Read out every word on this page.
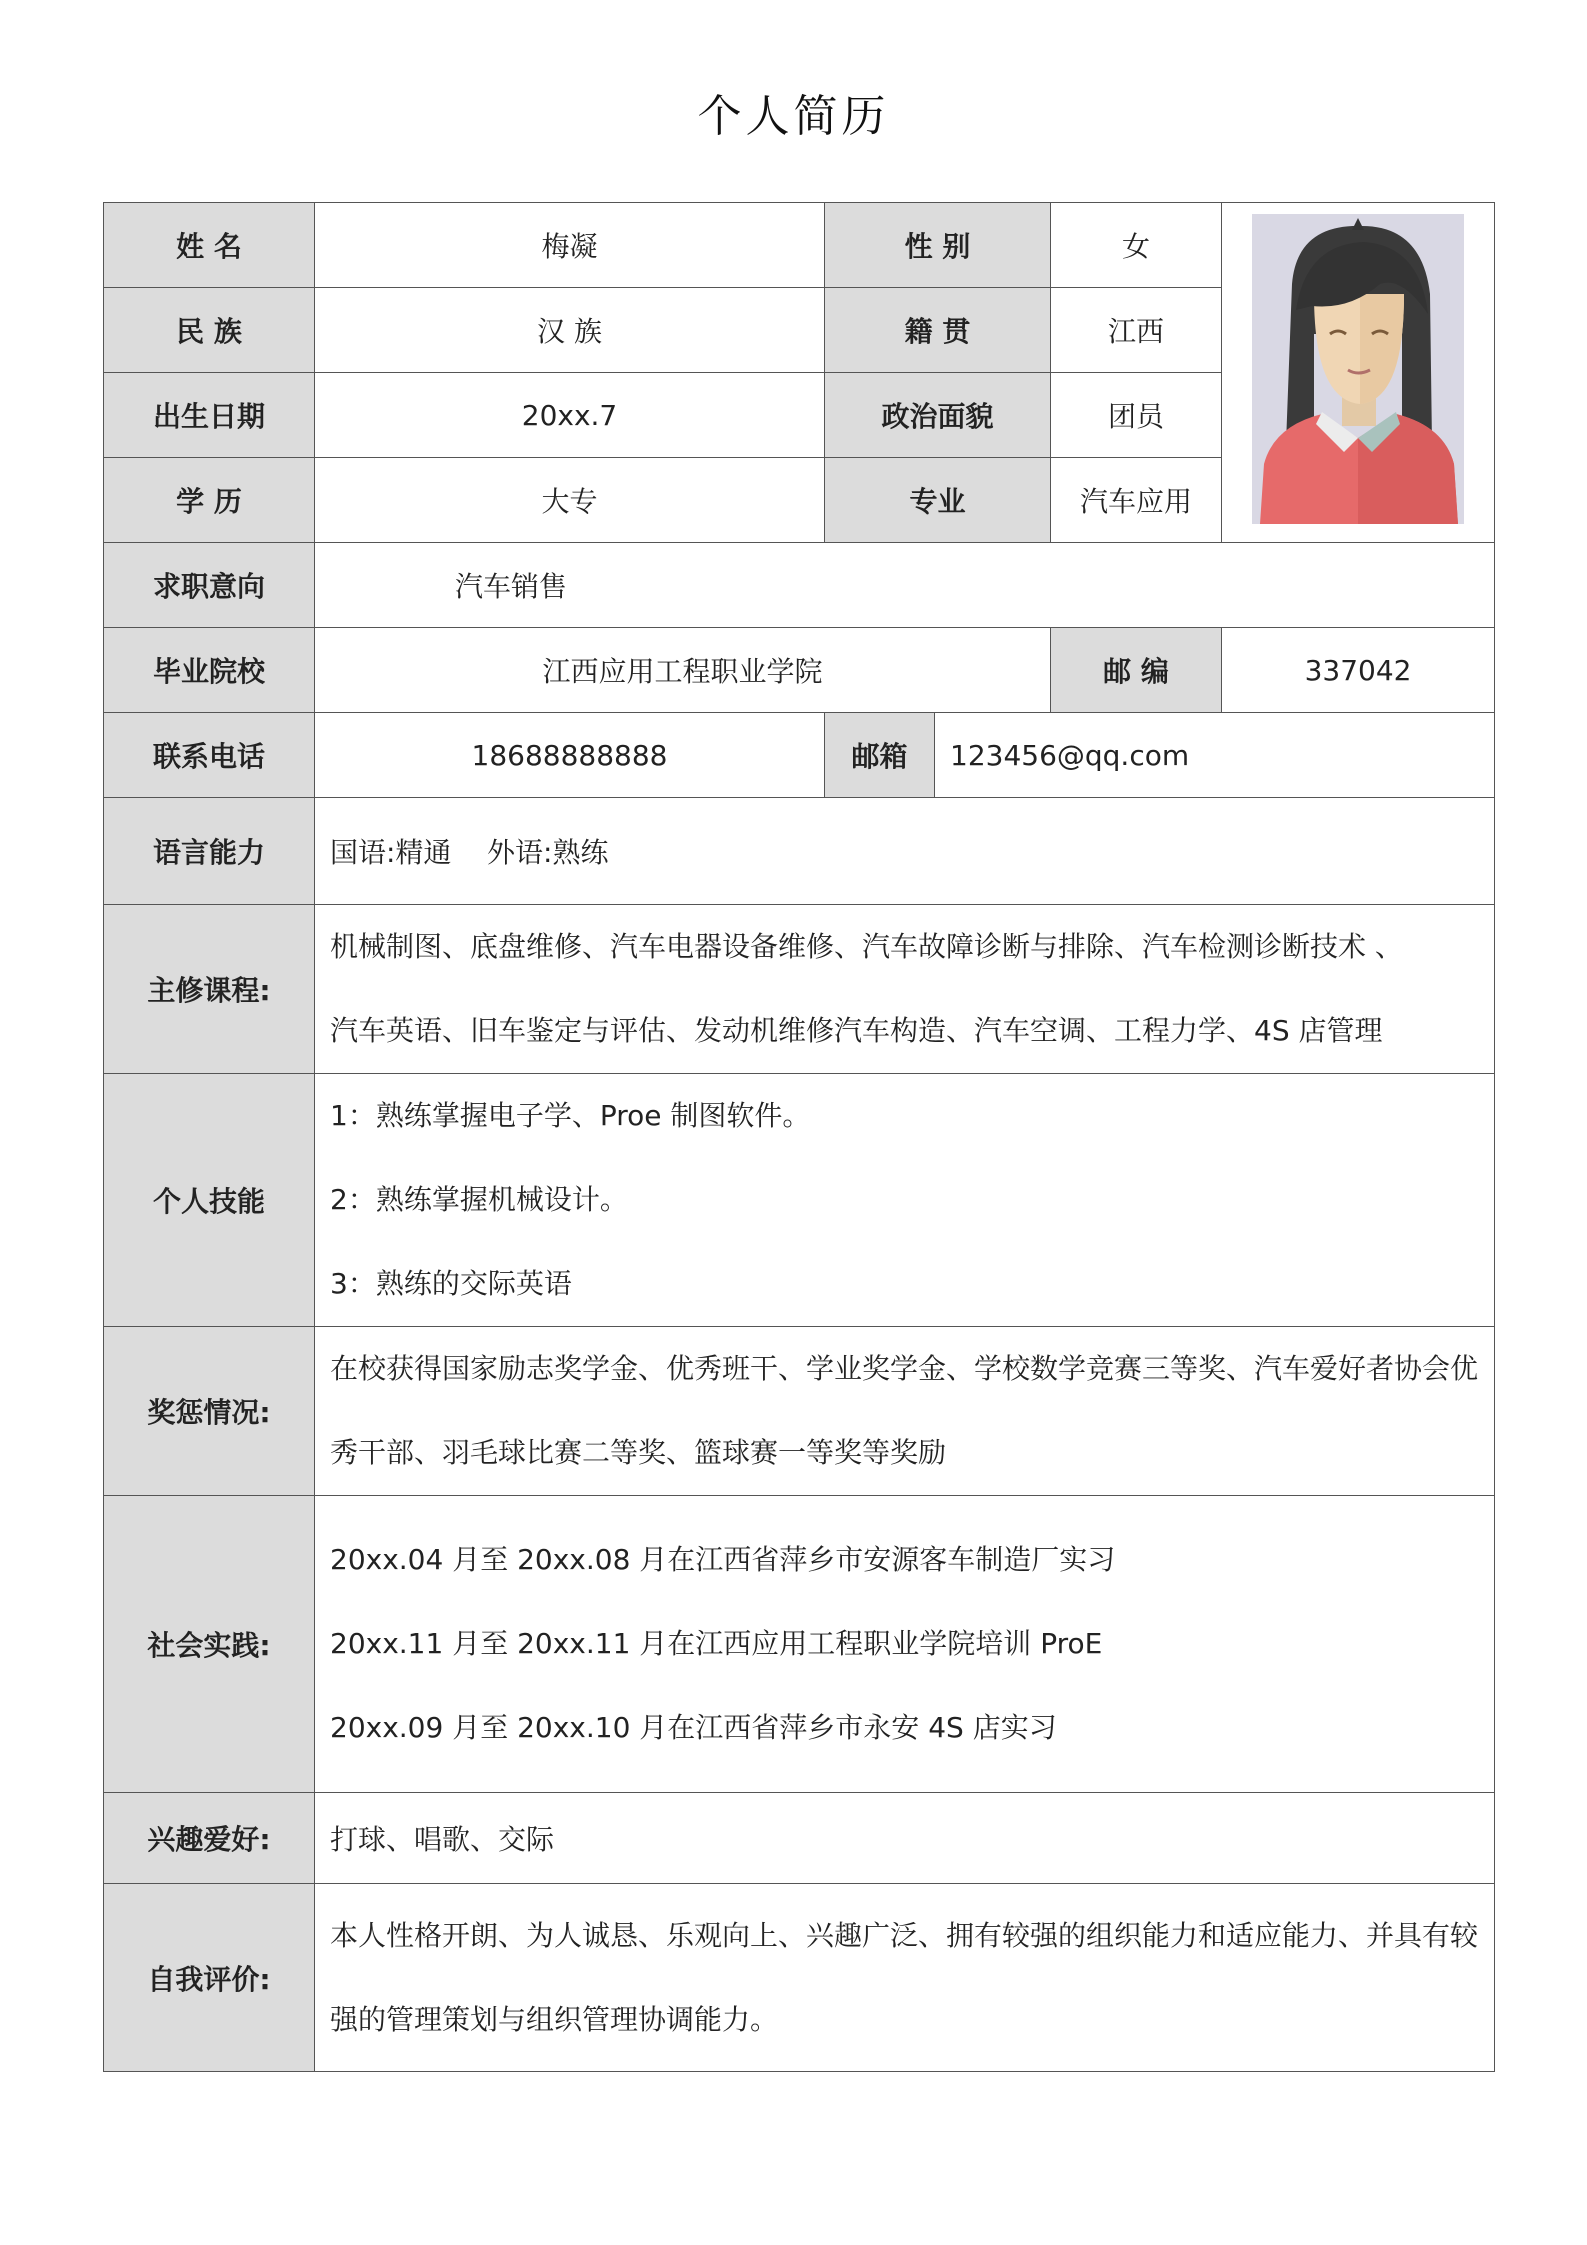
个人简历
姓 名	梅凝	性 别		女	
民 族	汉 族	籍 贯		江西	
出生日期	20xx.7	政治面貌		团员	
学 历	大专	专业		汽车应用	
求职意向	汽车销售				
毕业院校	江西应用工程职业学院			邮 编	337042
联系电话	18688888888	邮箱	123456@qq.com		
语言能力	国语:精通    外语:熟练				
主修课程:	机械制图、底盘维修、汽车电器设备维修、汽车故障诊断与排除、汽车检测诊断技术 、
汽车英语、旧车鉴定与评估、发动机维修汽车构造、汽车空调、工程力学、4S 店管理				

个人技能	1：熟练掌握电子学、Proe 制图软件。
2：熟练掌握机械设计。
3：熟练的交际英语				

奖惩情况:	在校获得国家励志奖学金、优秀班干、学业奖学金、学校数学竞赛三等奖、汽车爱好者协会优
秀干部、羽毛球比赛二等奖、篮球赛一等奖等奖励				

社会实践:	20xx.04 月至 20xx.08 月在江西省萍乡市安源客车制造厂实习
20xx.11 月至 20xx.11 月在江西应用工程职业学院培训 ProE
20xx.09 月至 20xx.10 月在江西省萍乡市永安 4S 店实习				

兴趣爱好:	打球、唱歌、交际				
自我评价:	本人性格开朗、为人诚恳、乐观向上、兴趣广泛、拥有较强的组织能力和适应能力、并具有较
强的管理策划与组织管理协调能力。				
